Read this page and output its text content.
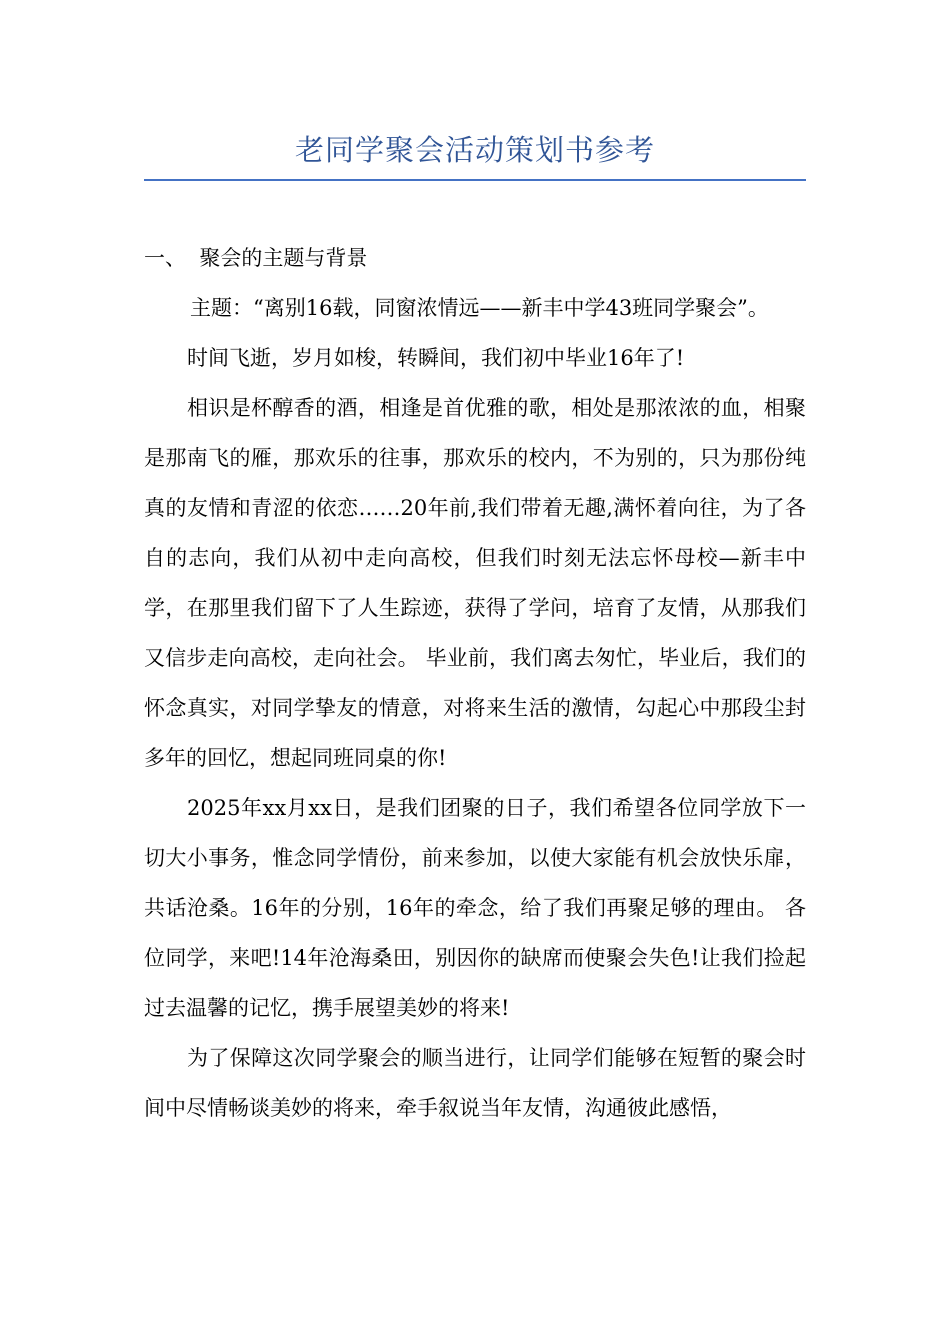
老同学聚会活动策划书参考

一、  聚会的主题与背景

主题：“离别16载，同窗浓情远——新丰中学43班同学聚会”。

时间飞逝，岁月如梭，转瞬间，我们初中毕业16年了!

相识是杯醇香的酒，相逢是首优雅的歌，相处是那浓浓的血，相聚是那南飞的雁，那欢乐的往事，那欢乐的校内，不为别的，只为那份纯真的友情和青涩的依恋……20年前,我们带着无趣,满怀着向往，为了各自的志向，我们从初中走向高校，但我们时刻无法忘怀母校—新丰中学，在那里我们留下了人生踪迹，获得了学问，培育了友情，从那我们又信步走向高校，走向社会。 毕业前，我们离去匆忙，毕业后，我们的怀念真实，对同学挚友的情意，对将来生活的激情，勾起心中那段尘封多年的回忆，想起同班同桌的你!

2025年xx月xx日，是我们团聚的日子，我们希望各位同学放下一切大小事务，惟念同学情份，前来参加，以使大家能有机会放快乐扉，共话沧桑。16年的分别，16年的牵念，给了我们再聚足够的理由。 各位同学，来吧!14年沧海桑田，别因你的缺席而使聚会失色!让我们捡起过去温馨的记忆，携手展望美妙的将来!

为了保障这次同学聚会的顺当进行，让同学们能够在短暂的聚会时间中尽情畅谈美妙的将来，牵手叙说当年友情，沟通彼此感悟，
